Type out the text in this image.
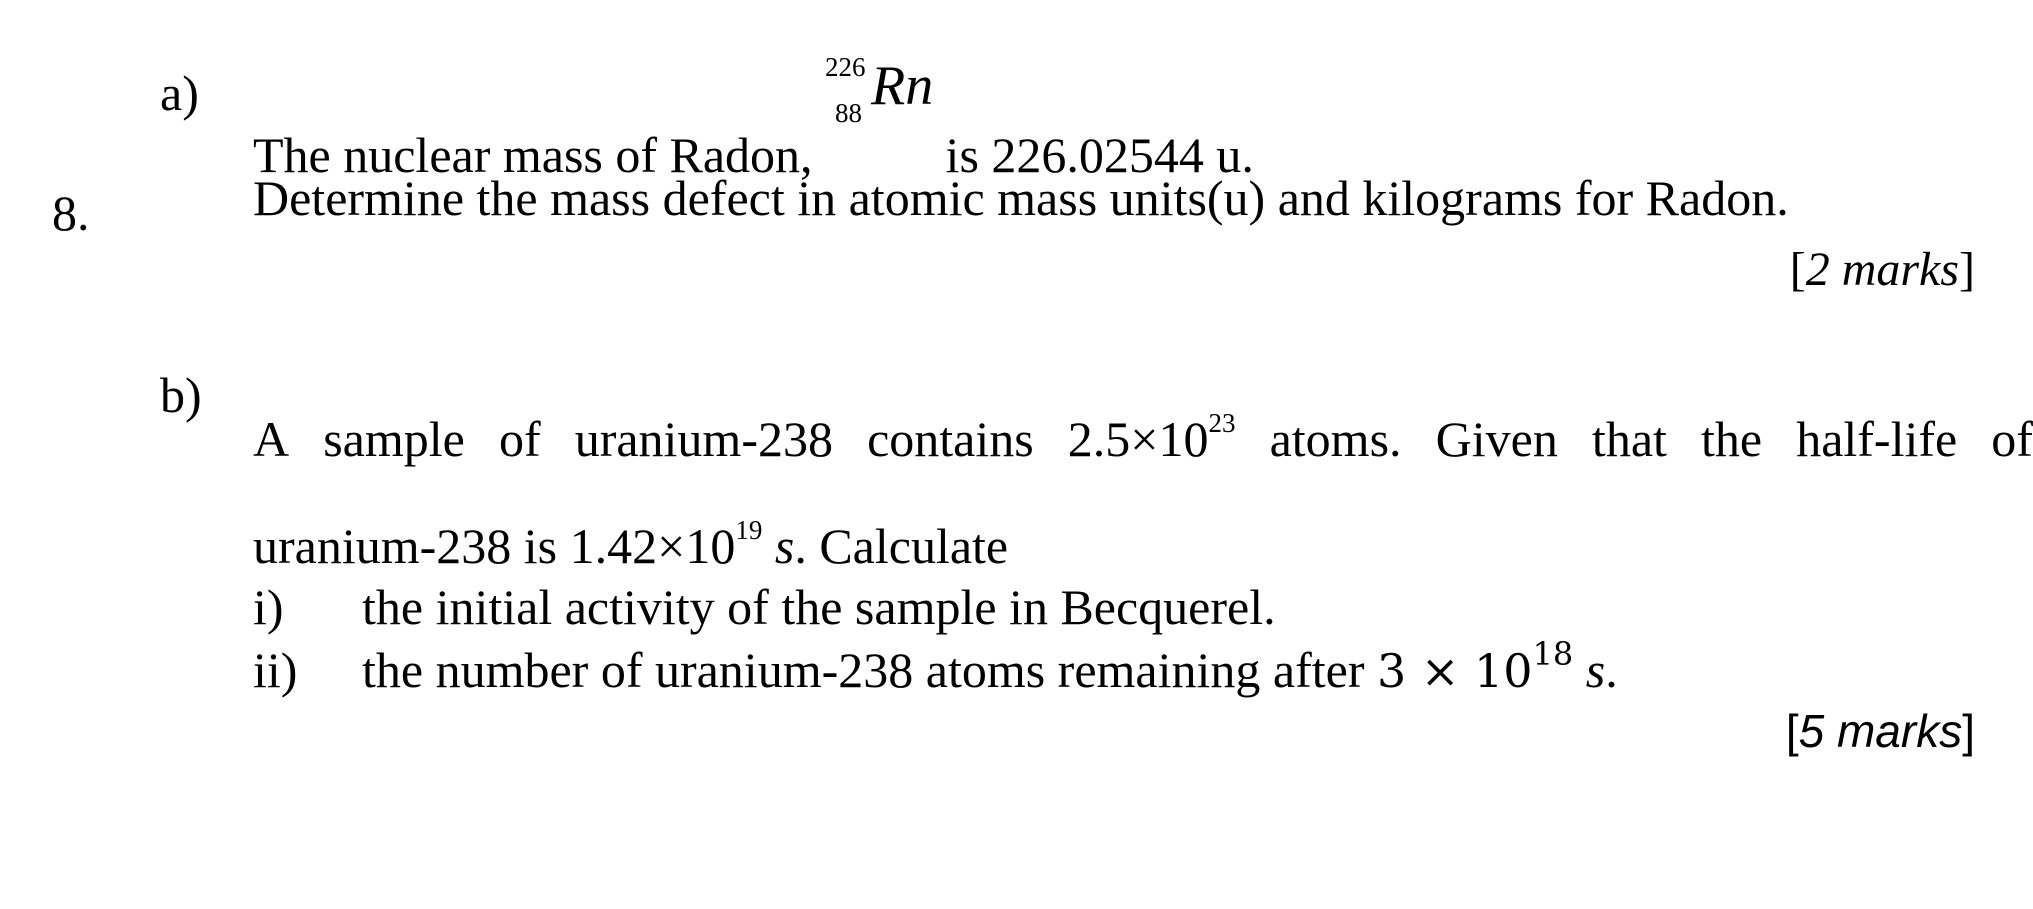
8.
a)
The nuclear mass of Radon,
226
88 Rn
is 226.02544 u.
Determine the mass defect in atomic mass units(u) and kilograms for Radon.
[2 marks]
b)
A sample of uranium-238 contains $2.5\times 10^{23}$ atoms. Given that the half-life of
uranium-238 is $1.42\times 10^{19}$ s. Calculate
i) the initial activity of the sample in Becquerel.
ii) the number of uranium-238 atoms remaining after $3 \times 10^{18}$ s.
[5 marks]
